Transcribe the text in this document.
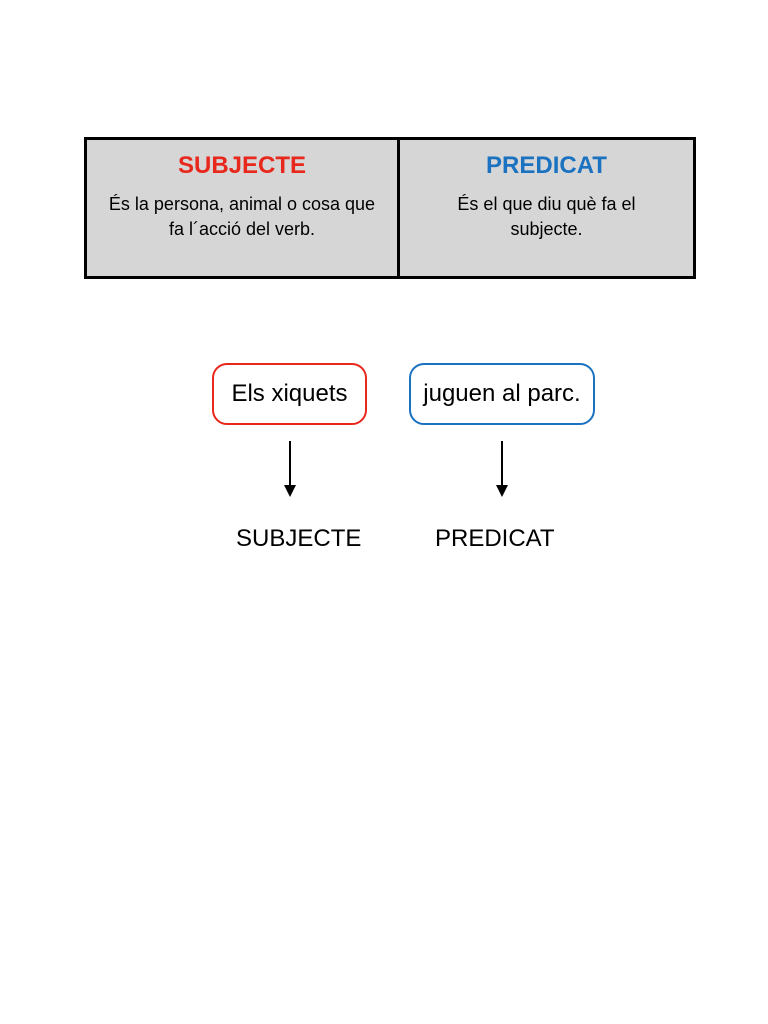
SUBJECTE
És la persona, animal o cosa que fa l´acció del verb.
PREDICAT
És el que diu què fa el subjecte.
Els xiquets	juguen al parc.
SUBJECTE	PREDICAT
